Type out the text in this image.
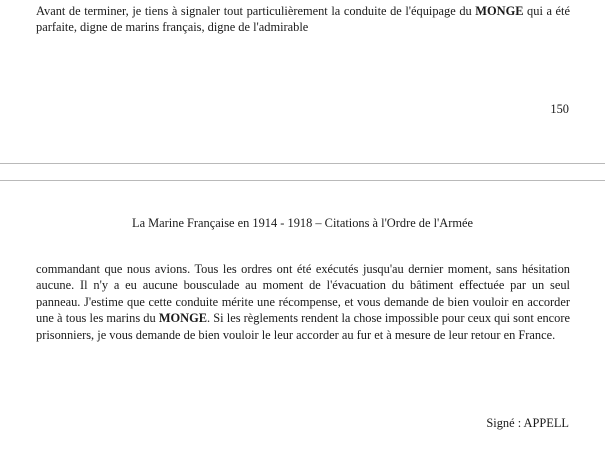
Avant de terminer, je tiens à signaler tout particulièrement la conduite de l'équipage du MONGE qui a été parfaite, digne de marins français, digne de l'admirable

150
La Marine Française en 1914 - 1918 – Citations à l'Ordre de l'Armée

commandant que nous avions. Tous les ordres ont été exécutés jusqu'au dernier moment, sans hésitation aucune. Il n'y a eu aucune bousculade au moment de l'évacuation du bâtiment effectuée par un seul panneau. J'estime que cette conduite mérite une récompense, et vous demande de bien vouloir en accorder une à tous les marins du MONGE. Si les règlements rendent la chose impossible pour ceux qui sont encore prisonniers, je vous demande de bien vouloir le leur accorder au fur et à mesure de leur retour en France.

Signé : APPELL
